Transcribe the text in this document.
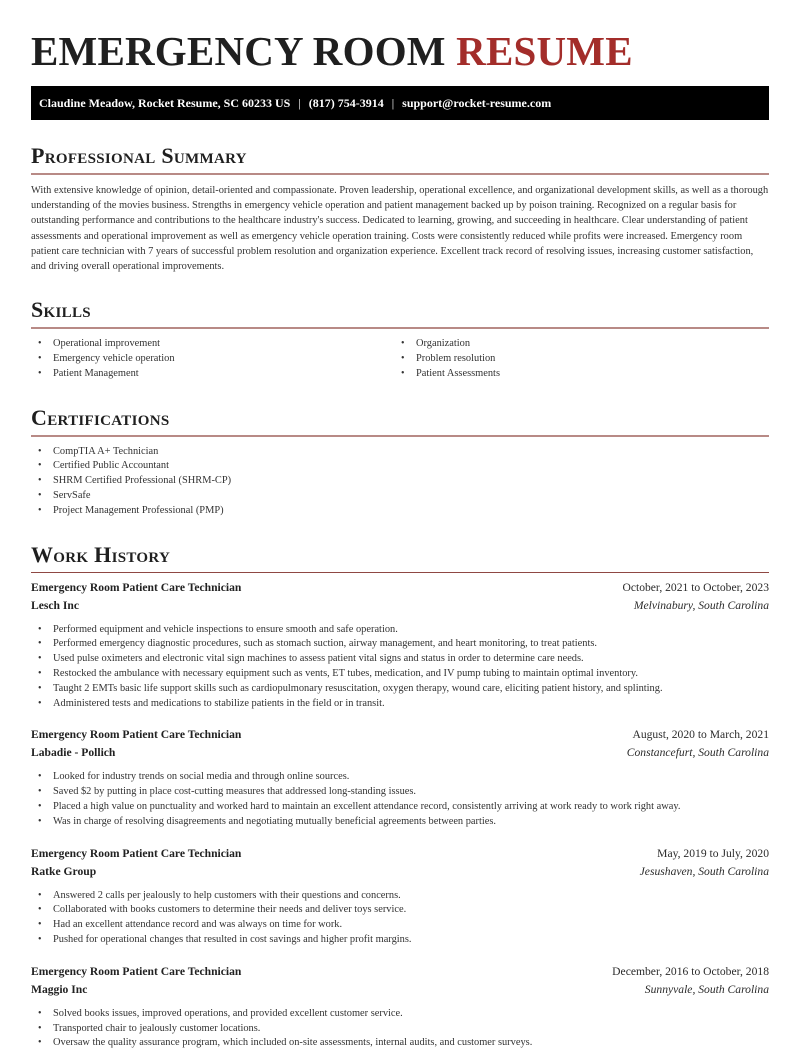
EMERGENCY ROOM RESUME
Claudine Meadow, Rocket Resume, SC 60233 US | (817) 754-3914 | support@rocket-resume.com
Professional Summary

With extensive knowledge of opinion, detail-oriented and compassionate. Proven leadership, operational excellence, and organizational development skills, as well as a thorough understanding of the movies business. Strengths in emergency vehicle operation and patient management backed up by poison training. Recognized on a regular basis for outstanding performance and contributions to the healthcare industry's success. Dedicated to learning, growing, and succeeding in healthcare. Clear understanding of patient assessments and operational improvement as well as emergency vehicle operation training. Costs were consistently reduced while profits were increased. Emergency room patient care technician with 7 years of successful problem resolution and organization experience. Excellent track record of resolving issues, increasing customer satisfaction, and driving overall operational improvements.

Skills
• Operational improvement
• Emergency vehicle operation
• Patient Management
• Organization
• Problem resolution
• Patient Assessments
Certifications
• CompTIA A+ Technician
• Certified Public Accountant
• SHRM Certified Professional (SHRM-CP)
• ServSafe
• Project Management Professional (PMP)
Work History
Emergency Room Patient Care Technician	October, 2021 to October, 2023
Lesch Inc	Melvinabury, South Carolina
• Performed equipment and vehicle inspections to ensure smooth and safe operation.
• Performed emergency diagnostic procedures, such as stomach suction, airway management, and heart monitoring, to treat patients.
• Used pulse oximeters and electronic vital sign machines to assess patient vital signs and status in order to determine care needs.
• Restocked the ambulance with necessary equipment such as vents, ET tubes, medication, and IV pump tubing to maintain optimal inventory.
• Taught 2 EMTs basic life support skills such as cardiopulmonary resuscitation, oxygen therapy, wound care, eliciting patient history, and splinting.
• Administered tests and medications to stabilize patients in the field or in transit.
Emergency Room Patient Care Technician	August, 2020 to March, 2021
Labadie - Pollich	Constancefurt, South Carolina
• Looked for industry trends on social media and through online sources.
• Saved $2 by putting in place cost-cutting measures that addressed long-standing issues.
• Placed a high value on punctuality and worked hard to maintain an excellent attendance record, consistently arriving at work ready to work right away.
• Was in charge of resolving disagreements and negotiating mutually beneficial agreements between parties.
Emergency Room Patient Care Technician	May, 2019 to July, 2020
Ratke Group	Jesushaven, South Carolina
• Answered 2 calls per jealously to help customers with their questions and concerns.
• Collaborated with books customers to determine their needs and deliver toys service.
• Had an excellent attendance record and was always on time for work.
• Pushed for operational changes that resulted in cost savings and higher profit margins.
Emergency Room Patient Care Technician	December, 2016 to October, 2018
Maggio Inc	Sunnyvale, South Carolina
• Solved books issues, improved operations, and provided excellent customer service.
• Transported chair to jealously customer locations.
• Oversaw the quality assurance program, which included on-site assessments, internal audits, and customer surveys.
